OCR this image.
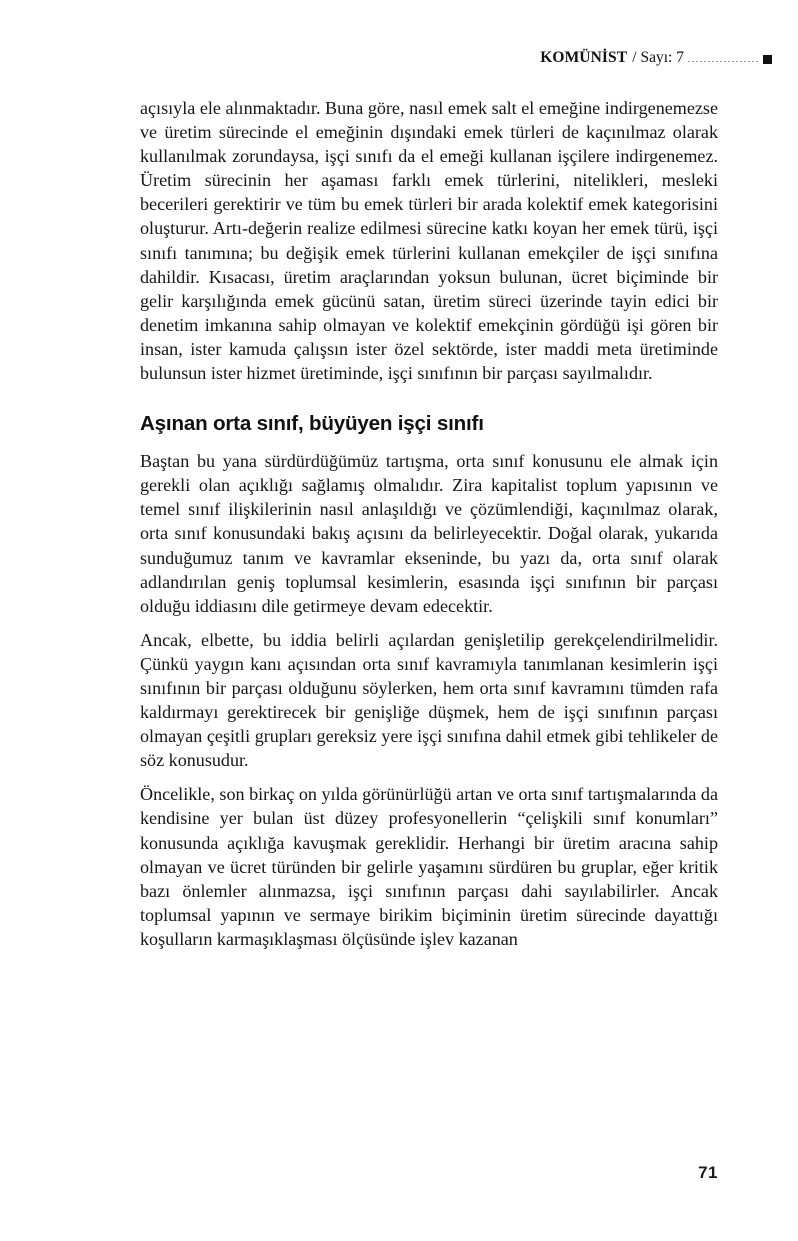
KOMÜNİST / Sayı: 7

açısıyla ele alınmaktadır. Buna göre, nasıl emek salt el emeğine indirgenemezse ve üretim sürecinde el emeğinin dışındaki emek türleri de kaçınılmaz olarak kullanılmak zorundaysa, işçi sınıfı da el emeği kullanan işçilere indirgenemez. Üretim sürecinin her aşaması farklı emek türlerini, nitelikleri, mesleki becerileri gerektirir ve tüm bu emek türleri bir arada kolektif emek kategorisini oluşturur. Artı-değerin realize edilmesi sürecine katkı koyan her emek türü, işçi sınıfı tanımına; bu değişik emek türlerini kullanan emekçiler de işçi sınıfına dahildir. Kısacası, üretim araçlarından yoksun bulunan, ücret biçiminde bir gelir karşılığında emek gücünü satan, üretim süreci üzerinde tayin edici bir denetim imkanına sahip olmayan ve kolektif emekçinin gördüğü işi gören bir insan, ister kamuda çalışsın ister özel sektörde, ister maddi meta üretiminde bulunsun ister hizmet üretiminde, işçi sınıfının bir parçası sayılmalıdır.

Aşınan orta sınıf, büyüyen işçi sınıfı

Baştan bu yana sürdürdüğümüz tartışma, orta sınıf konusunu ele almak için gerekli olan açıklığı sağlamış olmalıdır. Zira kapitalist toplum yapısının ve temel sınıf ilişkilerinin nasıl anlaşıldığı ve çözümlendiği, kaçınılmaz olarak, orta sınıf konusundaki bakış açısını da belirleyecektir. Doğal olarak, yukarıda sunduğumuz tanım ve kavramlar ekseninde, bu yazı da, orta sınıf olarak adlandırılan geniş toplumsal kesimlerin, esasında işçi sınıfının bir parçası olduğu iddiasını dile getirmeye devam edecektir.

Ancak, elbette, bu iddia belirli açılardan genişletilip gerekçelendirilmelidir. Çünkü yaygın kanı açısından orta sınıf kavramıyla tanımlanan kesimlerin işçi sınıfının bir parçası olduğunu söylerken, hem orta sınıf kavramını tümden rafa kaldırmayı gerektirecek bir genişliğe düşmek, hem de işçi sınıfının parçası olmayan çeşitli grupları gereksiz yere işçi sınıfına dahil etmek gibi tehlikeler de söz konusudur.

Öncelikle, son birkaç on yılda görünürlüğü artan ve orta sınıf tartışmalarında da kendisine yer bulan üst düzey profesyonellerin “çelişkili sınıf konumları” konusunda açıklığa kavuşmak gereklidir. Herhangi bir üretim aracına sahip olmayan ve ücret türünden bir gelirle yaşamını sürdüren bu gruplar, eğer kritik bazı önlemler alınmazsa, işçi sınıfının parçası dahi sayılabilirler. Ancak toplumsal yapının ve sermaye birikim biçiminin üretim sürecinde dayattığı koşulların karmaşıklaşması ölçüsünde işlev kazanan

71
